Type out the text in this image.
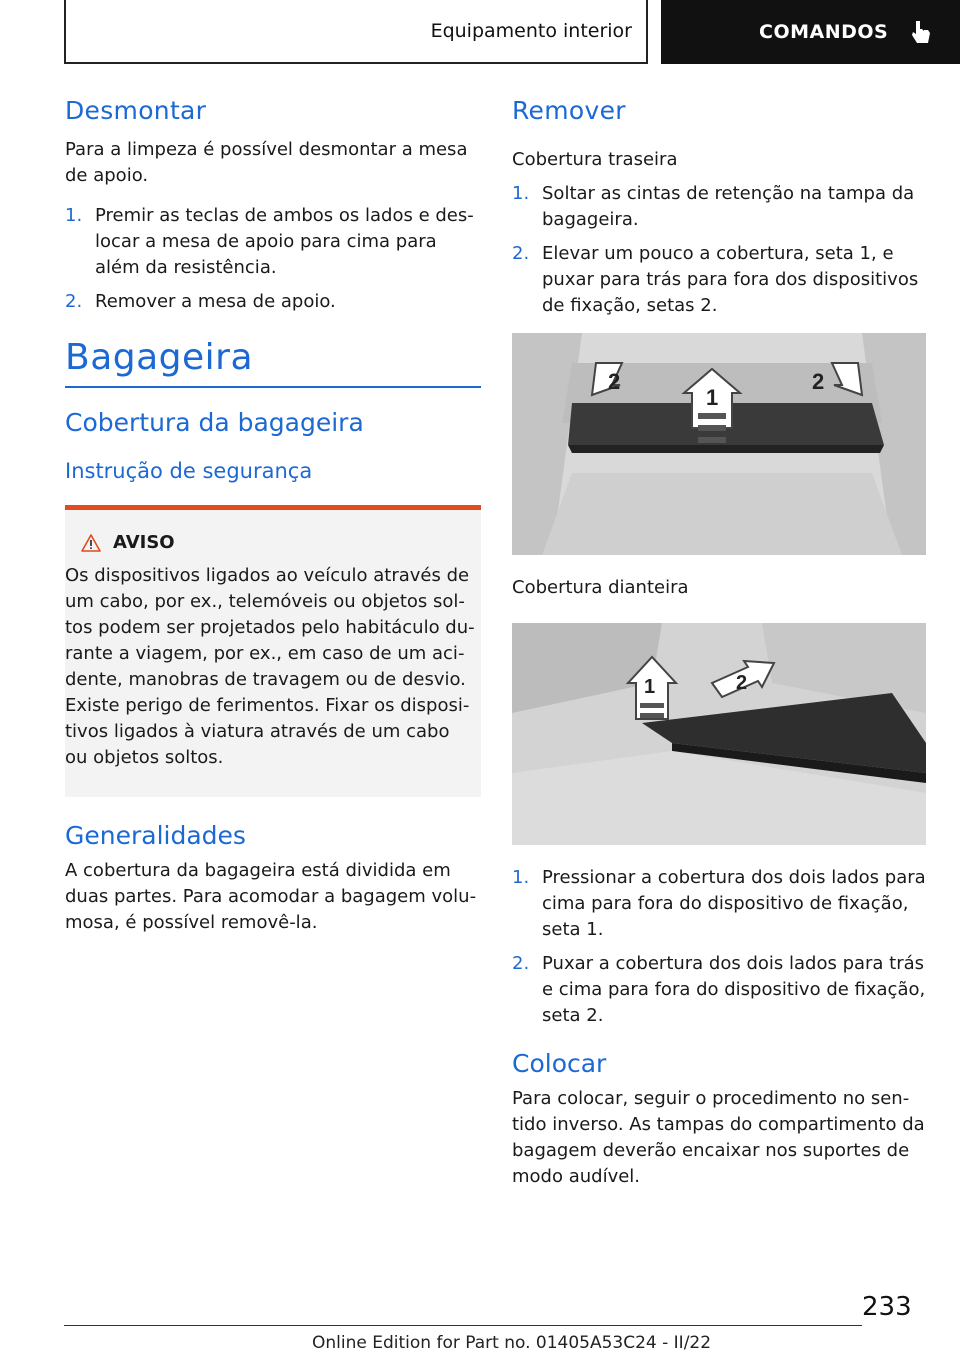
Equipamento interior	COMANDOS
Desmontar

Para a limpeza é possível desmontar a mesa de apoio.

1. Premir as teclas de ambos os lados e deslocar a mesa de apoio para cima para além da resistência.
2. Remover a mesa de apoio.
Bagageira
Cobertura da bagageira
Instrução de segurança
AVISO

Os dispositivos ligados ao veículo através de um cabo, por ex., telemóveis ou objetos soltos podem ser projetados pelo habitáculo durante a viagem, por ex., em caso de um acidente, manobras de travagem ou de desvio. Existe perigo de ferimentos. Fixar os dispositivos ligados à viatura através de um cabo ou objetos soltos.

Generalidades

A cobertura da bagageira está dividida em duas partes. Para acomodar a bagagem volumosa, é possível removê-la.

Remover

Cobertura traseira

1. Soltar as cintas de retenção na tampa da bagageira.
2. Elevar um pouco a cobertura, seta 1, e puxar para trás para fora dos dispositivos de fixação, setas 2.
2
1
2

Cobertura dianteira

1	2
1. Pressionar a cobertura dos dois lados para cima para fora do dispositivo de fixação, seta 1.
2. Puxar a cobertura dos dois lados para trás e cima para fora do dispositivo de fixação, seta 2.
Colocar

Para colocar, seguir o procedimento no sentido inverso. As tampas do compartimento da bagagem deverão encaixar nos suportes de modo audível.

233
Online Edition for Part no. 01405A53C24 - II/22
